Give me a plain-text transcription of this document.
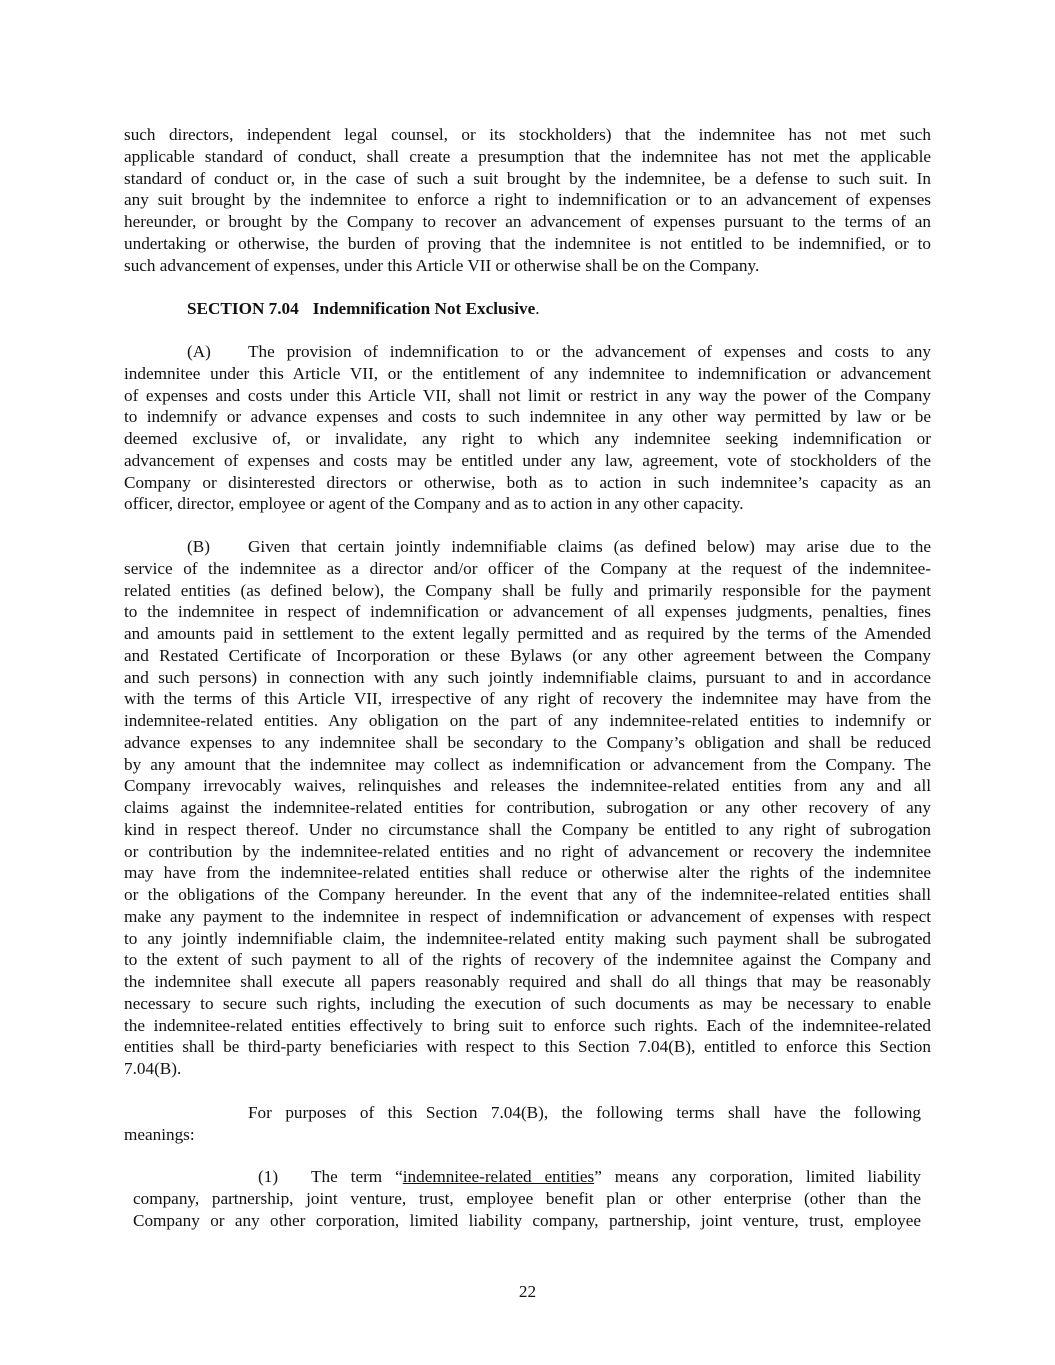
such directors, independent legal counsel, or its stockholders) that the indemnitee has not met such
applicable standard of conduct, shall create a presumption that the indemnitee has not met the applicable
standard of conduct or, in the case of such a suit brought by the indemnitee, be a defense to such suit. In
any suit brought by the indemnitee to enforce a right to indemnification or to an advancement of expenses
hereunder, or brought by the Company to recover an advancement of expenses pursuant to the terms of an
undertaking or otherwise, the burden of proving that the indemnitee is not entitled to be indemnified, or to
such advancement of expenses, under this Article VII or otherwise shall be on the Company.
SECTION 7.04 Indemnification Not Exclusive.
(A) The provision of indemnification to or the advancement of expenses and costs to any
indemnitee under this Article VII, or the entitlement of any indemnitee to indemnification or advancement
of expenses and costs under this Article VII, shall not limit or restrict in any way the power of the Company
to indemnify or advance expenses and costs to such indemnitee in any other way permitted by law or be
deemed exclusive of, or invalidate, any right to which any indemnitee seeking indemnification or
advancement of expenses and costs may be entitled under any law, agreement, vote of stockholders of the
Company or disinterested directors or otherwise, both as to action in such indemnitee’s capacity as an
officer, director, employee or agent of the Company and as to action in any other capacity.
(B) Given that certain jointly indemnifiable claims (as defined below) may arise due to the
service of the indemnitee as a director and/or officer of the Company at the request of the indemnitee-
related entities (as defined below), the Company shall be fully and primarily responsible for the payment
to the indemnitee in respect of indemnification or advancement of all expenses judgments, penalties, fines
and amounts paid in settlement to the extent legally permitted and as required by the terms of the Amended
and Restated Certificate of Incorporation or these Bylaws (or any other agreement between the Company
and such persons) in connection with any such jointly indemnifiable claims, pursuant to and in accordance
with the terms of this Article VII, irrespective of any right of recovery the indemnitee may have from the
indemnitee-related entities. Any obligation on the part of any indemnitee-related entities to indemnify or
advance expenses to any indemnitee shall be secondary to the Company’s obligation and shall be reduced
by any amount that the indemnitee may collect as indemnification or advancement from the Company. The
Company irrevocably waives, relinquishes and releases the indemnitee-related entities from any and all
claims against the indemnitee-related entities for contribution, subrogation or any other recovery of any
kind in respect thereof. Under no circumstance shall the Company be entitled to any right of subrogation
or contribution by the indemnitee-related entities and no right of advancement or recovery the indemnitee
may have from the indemnitee-related entities shall reduce or otherwise alter the rights of the indemnitee
or the obligations of the Company hereunder. In the event that any of the indemnitee-related entities shall
make any payment to the indemnitee in respect of indemnification or advancement of expenses with respect
to any jointly indemnifiable claim, the indemnitee-related entity making such payment shall be subrogated
to the extent of such payment to all of the rights of recovery of the indemnitee against the Company and
the indemnitee shall execute all papers reasonably required and shall do all things that may be reasonably
necessary to secure such rights, including the execution of such documents as may be necessary to enable
the indemnitee-related entities effectively to bring suit to enforce such rights. Each of the indemnitee-related
entities shall be third-party beneficiaries with respect to this Section 7.04(B), entitled to enforce this Section
7.04(B).
For purposes of this Section 7.04(B), the following terms shall have the following
meanings:
(1) The term “indemnitee-related entities” means any corporation, limited liability
company, partnership, joint venture, trust, employee benefit plan or other enterprise (other than the
Company or any other corporation, limited liability company, partnership, joint venture, trust, employee
22
